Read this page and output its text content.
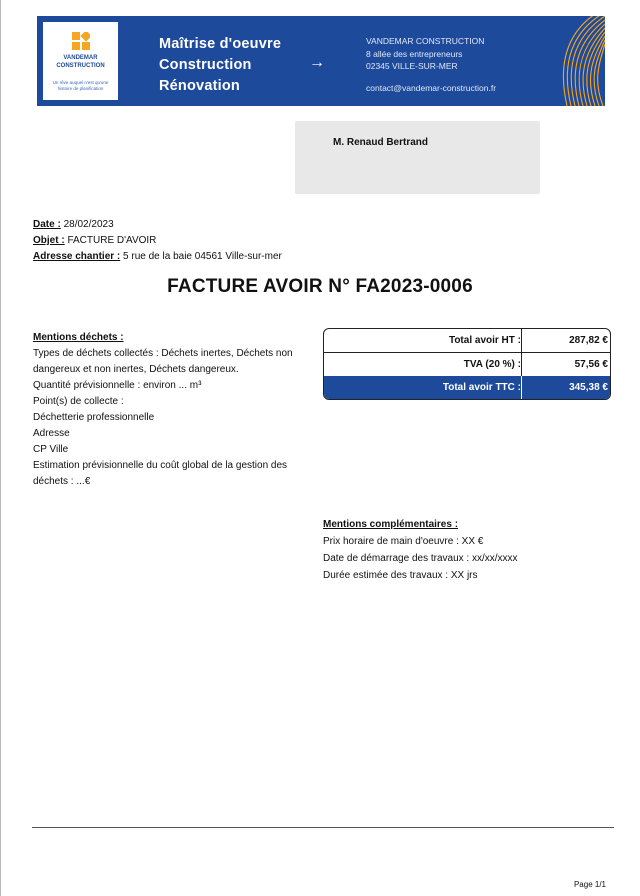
VANDEMAR CONSTRUCTION
Un rêve auquel n'est qu'une histoire de planification
Maîtrise d'oeuvre
Construction
Rénovation
→
VANDEMAR CONSTRUCTION
8 allée des entrepreneurs
02345 VILLE-SUR-MER
contact@vandemar-construction.fr
M. Renaud Bertrand
Date : 28/02/2023
Objet : FACTURE D'AVOIR
Adresse chantier : 5 rue de la baie 04561 Ville-sur-mer
FACTURE AVOIR N° FA2023-0006
Mentions déchets :
Types de déchets collectés : Déchets inertes, Déchets non dangereux et non inertes, Déchets dangereux.
Quantité prévisionnelle : environ ... m³
Point(s) de collecte :
Déchetterie professionnelle
Adresse
CP Ville
Estimation prévisionnelle du coût global de la gestion des déchets : ...€
Total avoir HT :	287,82 €
TVA (20 %) :	57,56 €
Total avoir TTC :	345,38 €
Mentions complémentaires :
Prix horaire de main d'oeuvre : XX €
Date de démarrage des travaux : xx/xx/xxxx
Durée estimée des travaux : XX jrs
Page 1/1
